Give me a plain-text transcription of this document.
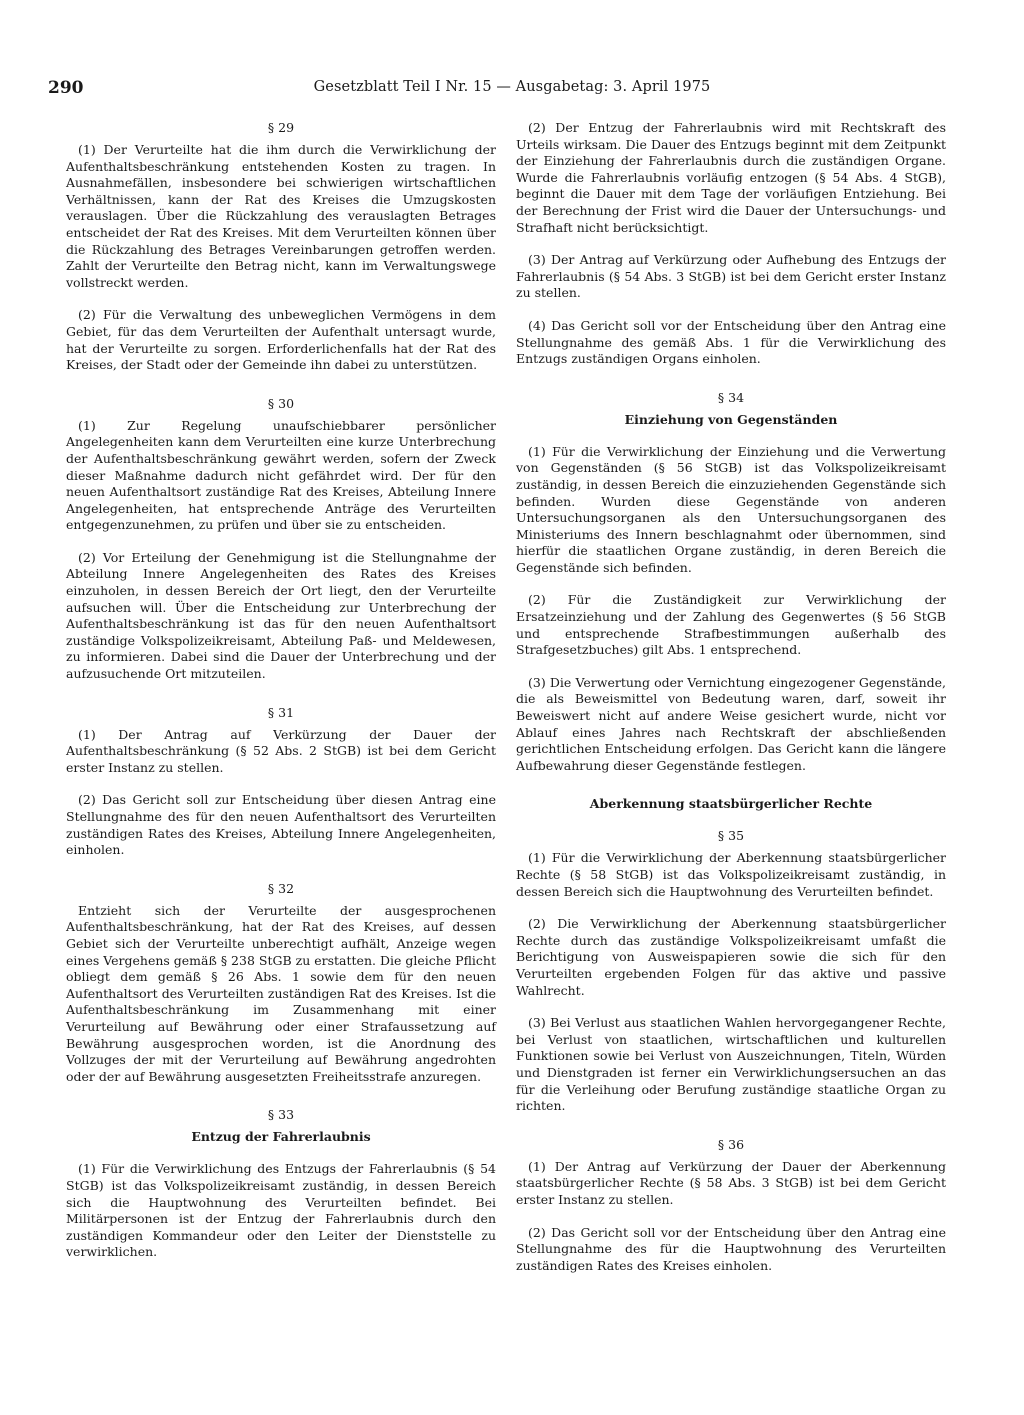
290	Gesetzblatt Teil I Nr. 15 — Ausgabetag: 3. April 1975
§ 29

(1) Der Verurteilte hat die ihm durch die Verwirklichung der Aufenthaltsbeschränkung entstehenden Kosten zu tragen. In Ausnahmefällen, insbesondere bei schwierigen wirtschaftlichen Verhältnissen, kann der Rat des Kreises die Umzugskosten verauslagen. Über die Rückzahlung des verauslagten Betrages entscheidet der Rat des Kreises. Mit dem Verurteilten können über die Rückzahlung des Betrages Vereinbarungen getroffen werden. Zahlt der Verurteilte den Betrag nicht, kann im Verwaltungswege vollstreckt werden.

(2) Für die Verwaltung des unbeweglichen Vermögens in dem Gebiet, für das dem Verurteilten der Aufenthalt untersagt wurde, hat der Verurteilte zu sorgen. Erforderlichenfalls hat der Rat des Kreises, der Stadt oder der Gemeinde ihn dabei zu unterstützen.

§ 30

(1) Zur Regelung unaufschiebbarer persönlicher Angelegenheiten kann dem Verurteilten eine kurze Unterbrechung der Aufenthaltsbeschränkung gewährt werden, sofern der Zweck dieser Maßnahme dadurch nicht gefährdet wird. Der für den neuen Aufenthaltsort zuständige Rat des Kreises, Abteilung Innere Angelegenheiten, hat entsprechende Anträge des Verurteilten entgegenzunehmen, zu prüfen und über sie zu entscheiden.

(2) Vor Erteilung der Genehmigung ist die Stellungnahme der Abteilung Innere Angelegenheiten des Rates des Kreises einzuholen, in dessen Bereich der Ort liegt, den der Verurteilte aufsuchen will. Über die Entscheidung zur Unterbrechung der Aufenthaltsbeschränkung ist das für den neuen Aufenthaltsort zuständige Volkspolizeikreisamt, Abteilung Paß- und Meldewesen, zu informieren. Dabei sind die Dauer der Unterbrechung und der aufzusuchende Ort mitzuteilen.

§ 31

(1) Der Antrag auf Verkürzung der Dauer der Aufenthaltsbeschränkung (§ 52 Abs. 2 StGB) ist bei dem Gericht erster Instanz zu stellen.

(2) Das Gericht soll zur Entscheidung über diesen Antrag eine Stellungnahme des für den neuen Aufenthaltsort des Verurteilten zuständigen Rates des Kreises, Abteilung Innere Angelegenheiten, einholen.

§ 32

Entzieht sich der Verurteilte der ausgesprochenen Aufenthaltsbeschränkung, hat der Rat des Kreises, auf dessen Gebiet sich der Verurteilte unberechtigt aufhält, Anzeige wegen eines Vergehens gemäß § 238 StGB zu erstatten. Die gleiche Pflicht obliegt dem gemäß § 26 Abs. 1 sowie dem für den neuen Aufenthaltsort des Verurteilten zuständigen Rat des Kreises. Ist die Aufenthaltsbeschränkung im Zusammenhang mit einer Verurteilung auf Bewährung oder einer Strafaussetzung auf Bewährung ausgesprochen worden, ist die Anordnung des Vollzuges der mit der Verurteilung auf Bewährung angedrohten oder der auf Bewährung ausgesetzten Freiheitsstrafe anzuregen.

§ 33
Entzug der Fahrerlaubnis

(1) Für die Verwirklichung des Entzugs der Fahrerlaubnis (§ 54 StGB) ist das Volkspolizeikreisamt zuständig, in dessen Bereich sich die Hauptwohnung des Verurteilten befindet. Bei Militärpersonen ist der Entzug der Fahrerlaubnis durch den zuständigen Kommandeur oder den Leiter der Dienststelle zu verwirklichen.

(2) Der Entzug der Fahrerlaubnis wird mit Rechtskraft des Urteils wirksam. Die Dauer des Entzugs beginnt mit dem Zeitpunkt der Einziehung der Fahrerlaubnis durch die zuständigen Organe. Wurde die Fahrerlaubnis vorläufig entzogen (§ 54 Abs. 4 StGB), beginnt die Dauer mit dem Tage der vorläufigen Entziehung. Bei der Berechnung der Frist wird die Dauer der Untersuchungs- und Strafhaft nicht berücksichtigt.

(3) Der Antrag auf Verkürzung oder Aufhebung des Entzugs der Fahrerlaubnis (§ 54 Abs. 3 StGB) ist bei dem Gericht erster Instanz zu stellen.

(4) Das Gericht soll vor der Entscheidung über den Antrag eine Stellungnahme des gemäß Abs. 1 für die Verwirklichung des Entzugs zuständigen Organs einholen.

§ 34
Einziehung von Gegenständen

(1) Für die Verwirklichung der Einziehung und die Verwertung von Gegenständen (§ 56 StGB) ist das Volkspolizeikreisamt zuständig, in dessen Bereich die einzuziehenden Gegenstände sich befinden. Wurden diese Gegenstände von anderen Untersuchungsorganen als den Untersuchungsorganen des Ministeriums des Innern beschlagnahmt oder übernommen, sind hierfür die staatlichen Organe zuständig, in deren Bereich die Gegenstände sich befinden.

(2) Für die Zuständigkeit zur Verwirklichung der Ersatzeinziehung und der Zahlung des Gegenwertes (§ 56 StGB und entsprechende Strafbestimmungen außerhalb des Strafgesetzbuches) gilt Abs. 1 entsprechend.

(3) Die Verwertung oder Vernichtung eingezogener Gegenstände, die als Beweismittel von Bedeutung waren, darf, soweit ihr Beweiswert nicht auf andere Weise gesichert wurde, nicht vor Ablauf eines Jahres nach Rechtskraft der abschließenden gerichtlichen Entscheidung erfolgen. Das Gericht kann die längere Aufbewahrung dieser Gegenstände festlegen.

Aberkennung staatsbürgerlicher Rechte
§ 35

(1) Für die Verwirklichung der Aberkennung staatsbürgerlicher Rechte (§ 58 StGB) ist das Volkspolizeikreisamt zuständig, in dessen Bereich sich die Hauptwohnung des Verurteilten befindet.

(2) Die Verwirklichung der Aberkennung staatsbürgerlicher Rechte durch das zuständige Volkspolizeikreisamt umfaßt die Berichtigung von Ausweispapieren sowie die sich für den Verurteilten ergebenden Folgen für das aktive und passive Wahlrecht.

(3) Bei Verlust aus staatlichen Wahlen hervorgegangener Rechte, bei Verlust von staatlichen, wirtschaftlichen und kulturellen Funktionen sowie bei Verlust von Auszeichnungen, Titeln, Würden und Dienstgraden ist ferner ein Verwirklichungsersuchen an das für die Verleihung oder Berufung zuständige staatliche Organ zu richten.

§ 36

(1) Der Antrag auf Verkürzung der Dauer der Aberkennung staatsbürgerlicher Rechte (§ 58 Abs. 3 StGB) ist bei dem Gericht erster Instanz zu stellen.

(2) Das Gericht soll vor der Entscheidung über den Antrag eine Stellungnahme des für die Hauptwohnung des Verurteilten zuständigen Rates des Kreises einholen.
